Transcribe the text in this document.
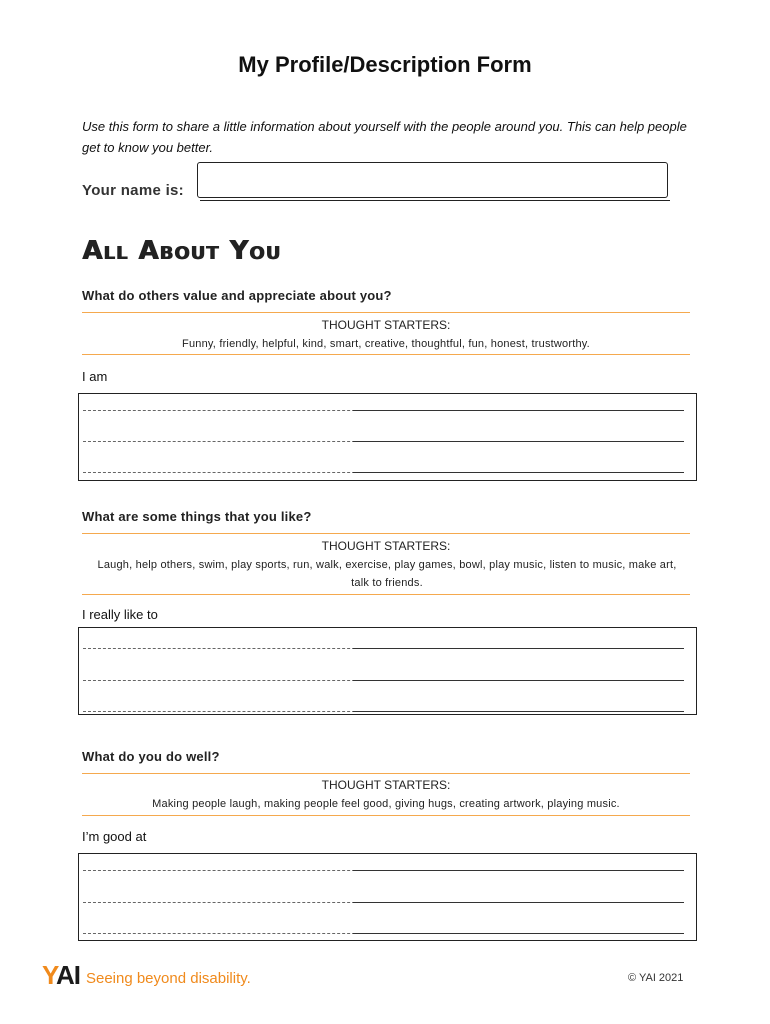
My Profile/Description Form
Use this form to share a little information about yourself with the people around you. This can help people get to know you better.
Your name is:
All About You
What do others value and appreciate about you?
THOUGHT STARTERS:
Funny, friendly, helpful, kind, smart, creative, thoughtful, fun, honest, trustworthy.
I am
What are some things that you like?
THOUGHT STARTERS:
Laugh, help others, swim, play sports, run, walk, exercise, play games, bowl, play music, listen to music, make art, talk to friends.
I really like to
What do you do well?
THOUGHT STARTERS:
Making people laugh, making people feel good, giving hugs, creating artwork, playing music.
I’m good at
YAI Seeing beyond disability.	© YAI 2021
